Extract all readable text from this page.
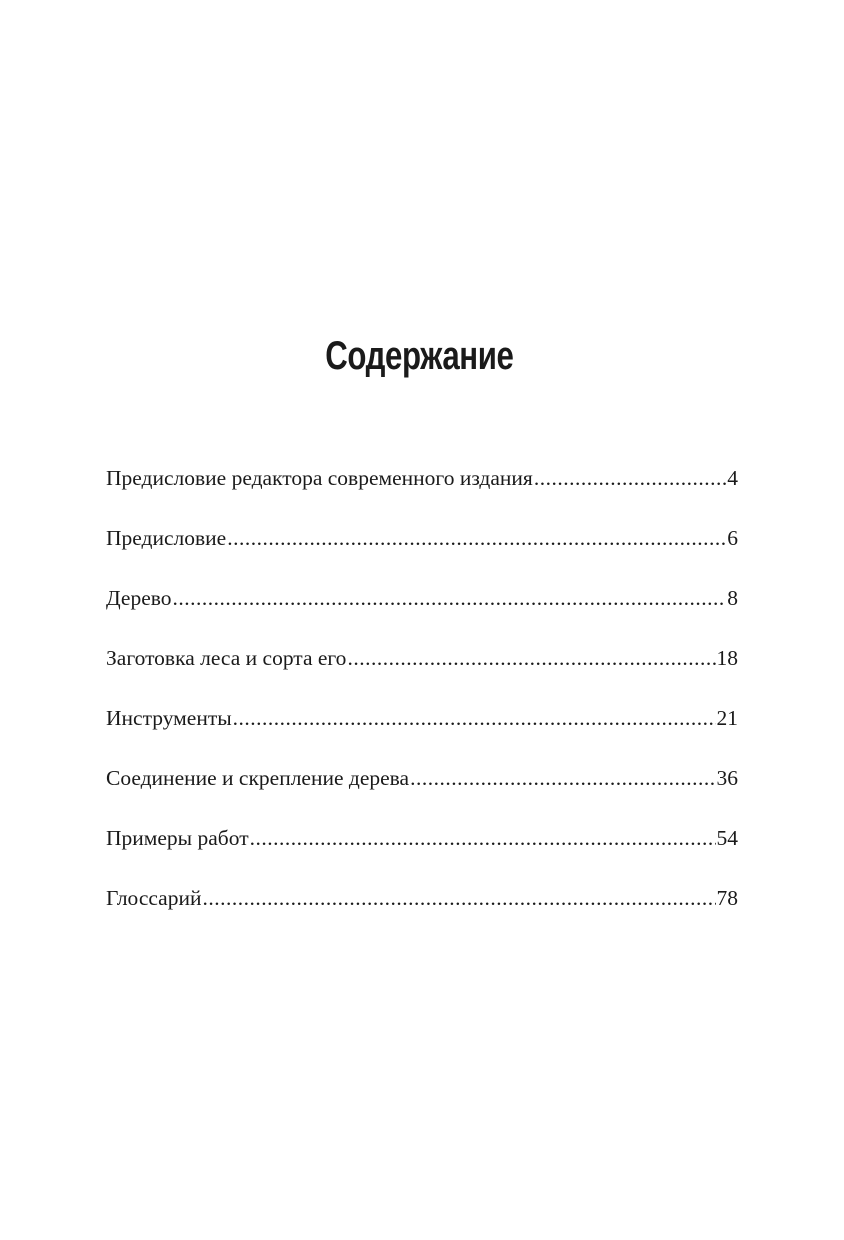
Содержание
Предисловие редактора современного издания .....	4
Предисловие .....	6
Дерево .....	8
Заготовка леса и сорта его .....	18
Инструменты .....	21
Соединение и скрепление дерева .....	36
Примеры работ .....	54
Глоссарий .....	78
